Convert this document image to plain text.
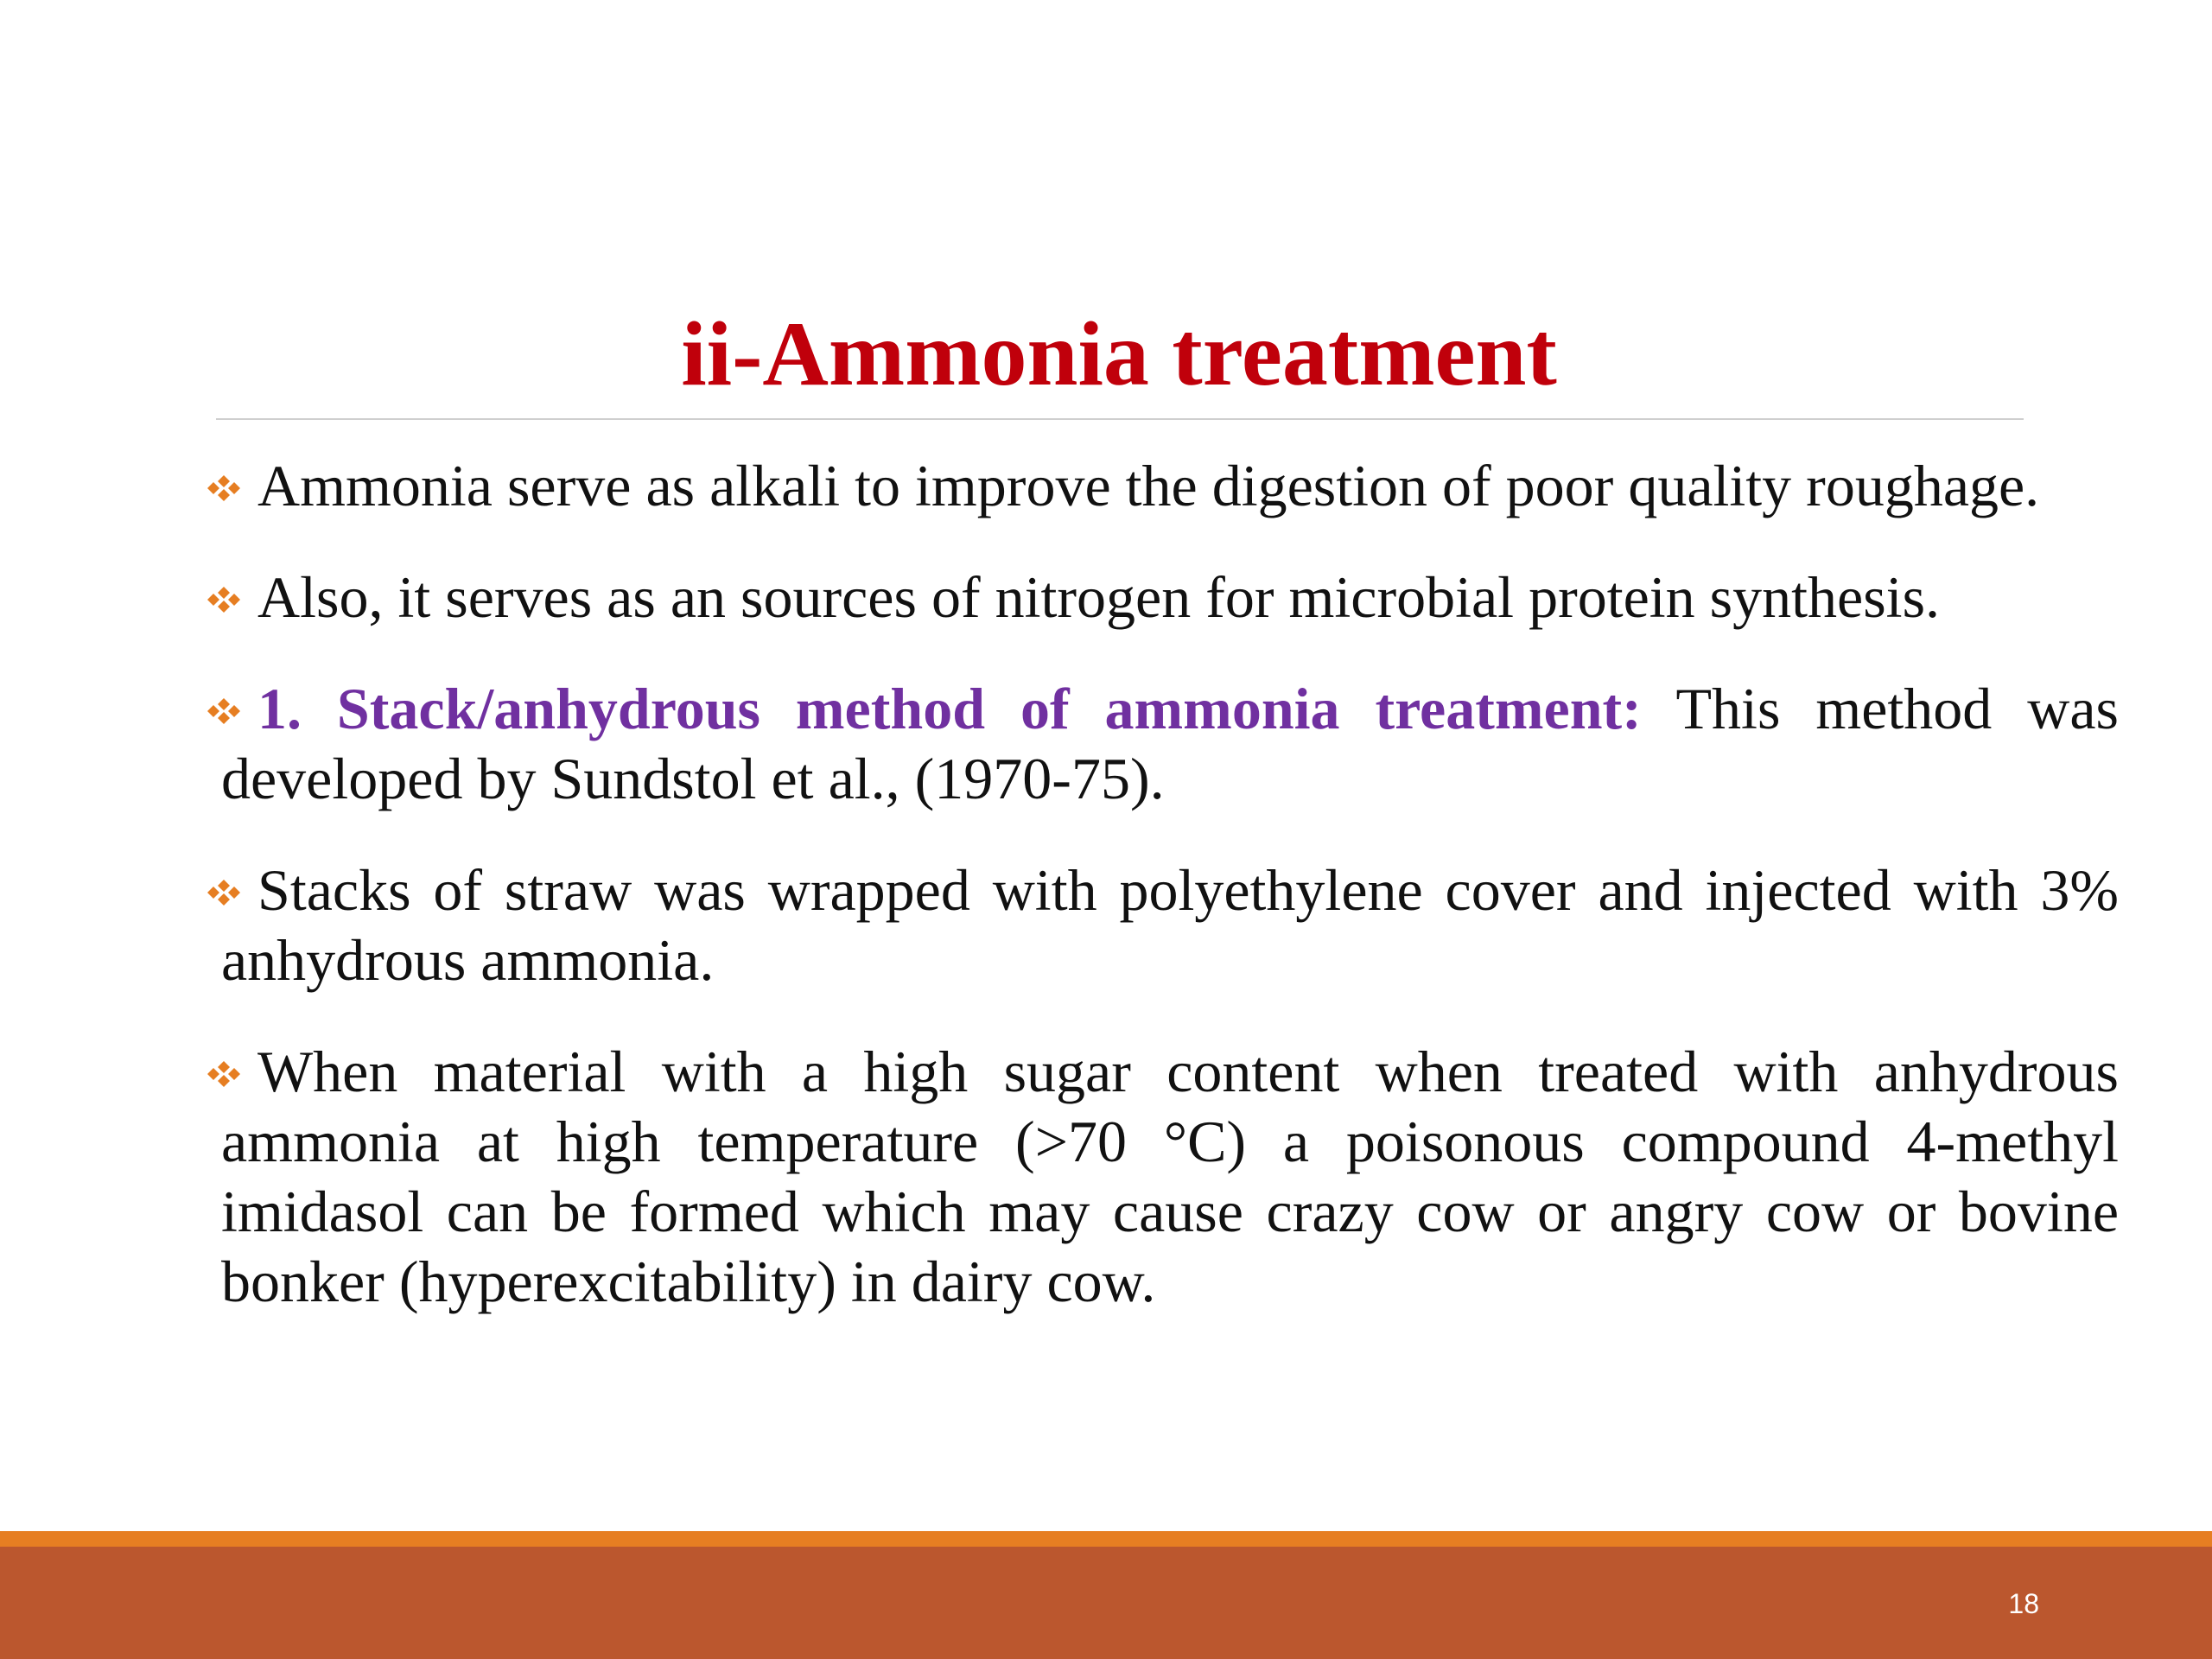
ii-Ammonia treatment
Ammonia serve as alkali to improve the digestion of poor quality roughage.
Also, it serves as an sources of nitrogen for microbial protein synthesis.
1. Stack/anhydrous method of ammonia treatment: This method was developed by Sundstol et al., (1970-75).
Stacks of straw was wrapped with polyethylene cover and injected with 3% anhydrous ammonia.
When material with a high sugar content when treated with anhydrous ammonia at high temperature (>70 °C) a poisonous compound 4-methyl imidasol can be formed which may cause crazy cow or angry cow or bovine bonker (hyperexcitability) in dairy cow.
18
